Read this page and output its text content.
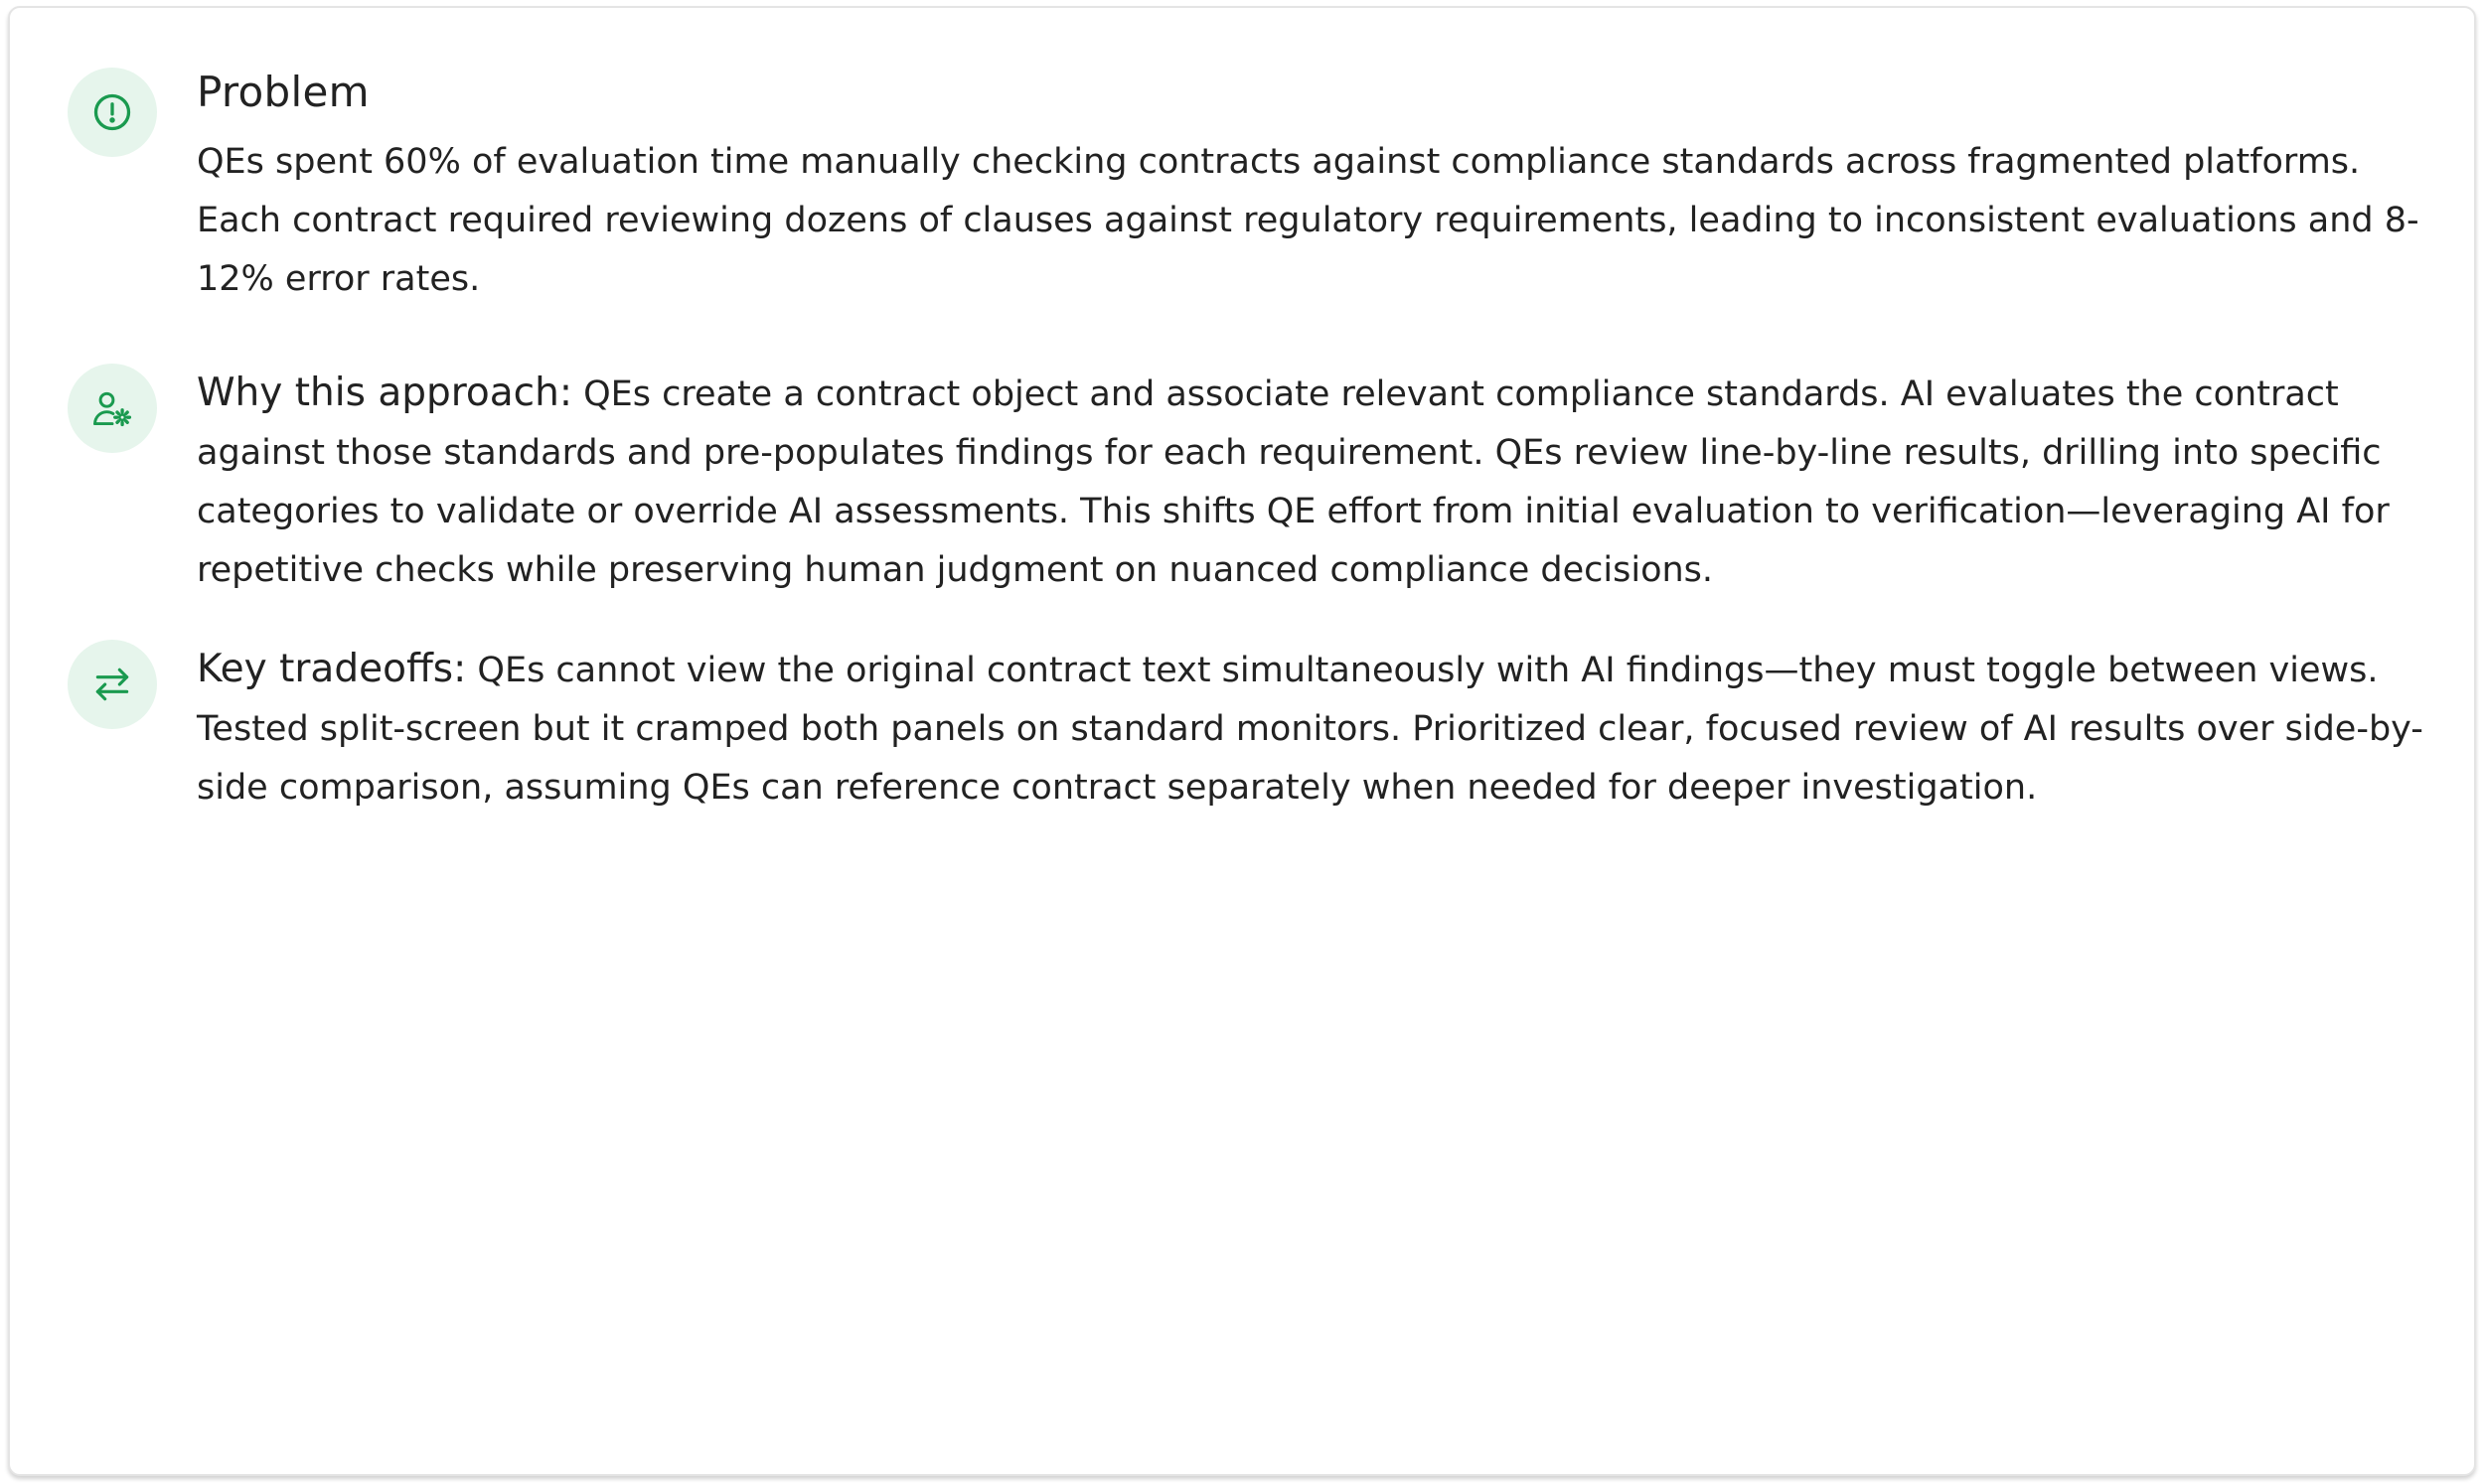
Problem

QEs spent 60% of evaluation time manually checking contracts against compliance standards across fragmented platforms. Each contract required reviewing dozens of clauses against regulatory requirements, leading to inconsistent evaluations and 8-12% error rates.

Why this approach: QEs create a contract object and associate relevant compliance standards. AI evaluates the contract against those standards and pre-populates findings for each requirement. QEs review line-by-line results, drilling into specific categories to validate or override AI assessments. This shifts QE effort from initial evaluation to verification—leveraging AI for repetitive checks while preserving human judgment on nuanced compliance decisions.

Key tradeoffs: QEs cannot view the original contract text simultaneously with AI findings—they must toggle between views. Tested split-screen but it cramped both panels on standard monitors. Prioritized clear, focused review of AI results over side-by-side comparison, assuming QEs can reference contract separately when needed for deeper investigation.
